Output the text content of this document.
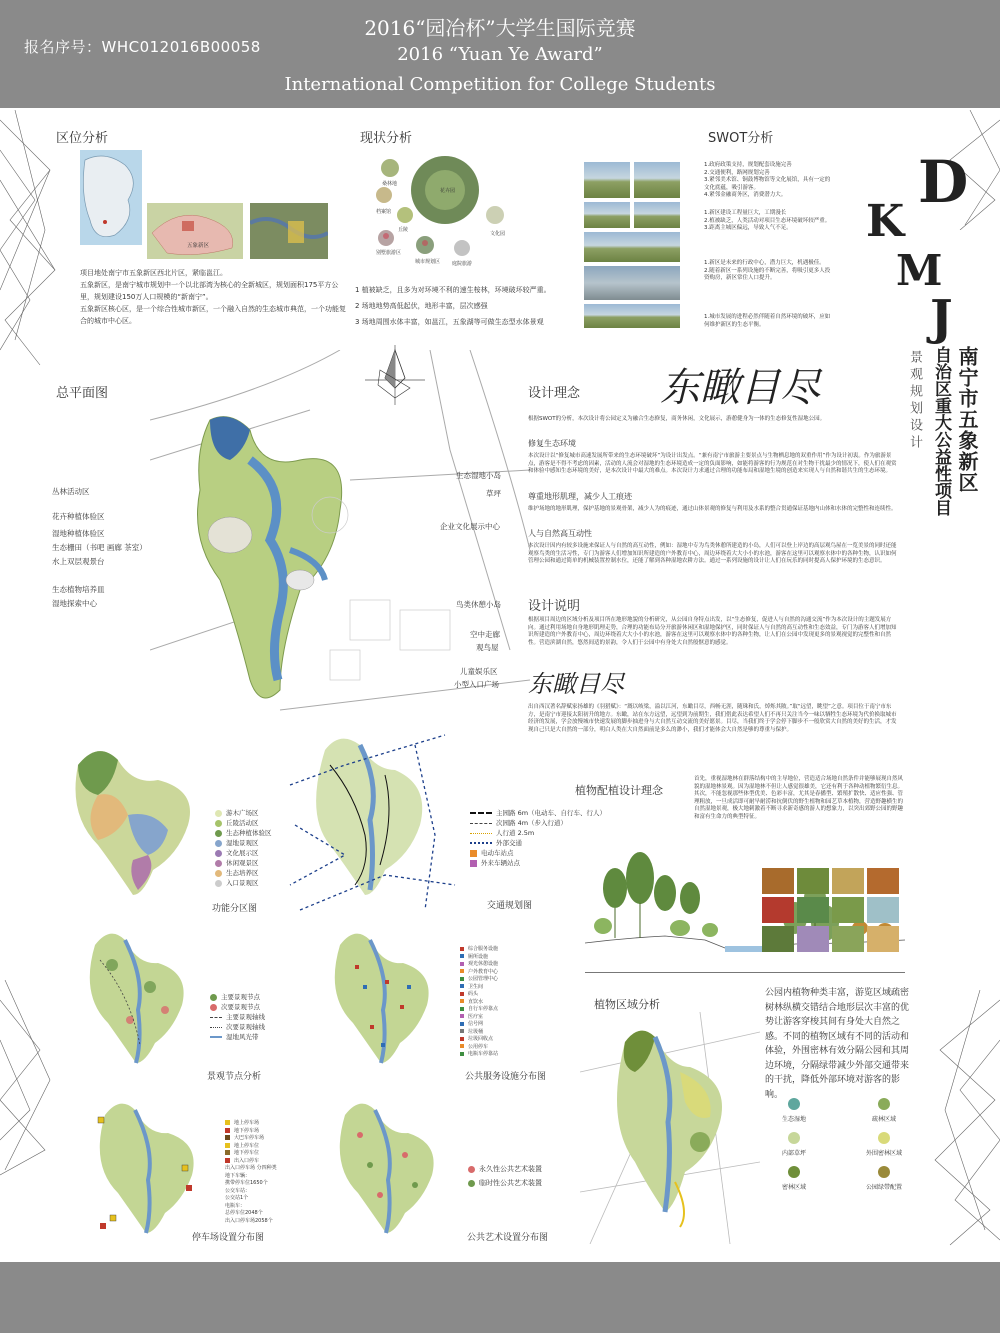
报名序号：WHC012016B00058
2016“园冶杯”大学生国际竞赛
2016 “Yuan Ye Award”
International Competition for College Students
区位分析
五象新区
项目地处南宁市五象新区西北片区，紧临邕江。
五象新区，是南宁城市规划中一个以北部湾为核心的全新城区，规划面积175平方公里，规划建设150万人口规模的“新南宁”。
五象新区核心区，是一个综合性城市新区，一个融入自然的生态城市典范，一个功能复合的城市中心区。
现状分析
桑林地
档案馆
丘陵
花卉园
文化园
别墅旅游区
城市规划区 庭院旅游
1 植被缺乏，且多为对环境不利的速生桉林，环境破坏较严重。
2 场地地势高低起伏，地形丰富，层次感强
3 场地周围水体丰富，如邕江，五象湖等可做生态型水体景观
SWOT分析
1.政府政策支持，规划配套设施完善
2.交通便利，路网规划完善
3.紧邻美术馆、铜鼓博物馆等文化展馆，具有一定的文化底蕴，吸引游客。
4.紧邻金融商务区，消费潜力大。
1.新区建设工程量巨大，工期漫长
2.植被缺乏，人类活动对项目生态环境破坏较严重。
3.距离主城区偏远，导致人气不足。
1.新区是未来的行政中心，潜力巨大，机遇极佳。
2.随着新区一系列设施的不断完善，将吸引更多人投资购房，新区常住人口提升。
1.城市发展的进程必然伴随着自然环境的破坏，应如何维护新区的生态平衡。
D
K
M
J
南宁市五象新区
自治区重大公益性项目
景观规划设计
总平面图
丛林活动区
花卉种植体验区
湿地种植体验区
生态栅田（书吧 画廊 茶室）
水上双层观景台
生态植物培养皿
湿地探索中心
生态湿地小岛
草坪
企业文化展示中心
鸟类休憩小岛
空中走廊
观鸟屋
儿童娱乐区
小型入口广场
设计理念 东瞰目尽
根据SWOT的分析，本次设计将公园定义为融合生态修复，商务休闲，文化展示，游憩健身为一体的生态修复性湿地公园。
修复生态环境
本次设计以“修复城市高速发展所带来的生态环境破坏”为设计出发点。“兼有南宁市旅游主要景点与生物栖息地的双重作用”作为设计初衷。作为旅游景点，游客是不得不考虑的因素，活动的人流会对湿地的生态环境造成一定的负面影响，如能将游客的行为规范在对生物干扰最少的情况下，使人们在观赏和体验中感知生态环境的美好，是本次设计中最大的难点。本次设计力求通过合理的功能布局和湿地生境的创造来实现人与自然和谐共生的生态环境。
尊重地形肌理，减少人工痕迹
维护场地的地形肌理，保护基地的景观骨架，减少人为的痕迹，通过山体景观的修复与利用及水系的整合贯通保证基地内山体和水体的完整性和连续性。
人与自然高互动性
本次设计因内有较多设施来保证人与自然的高互动性，例如：湿地中专为鸟类休憩所建造的小岛，人们可以登上岸边的高层观鸟屋在一览美景的同时还能观察鸟类的生活习性，专门为游客人们增加知识所建造的户外教育中心，周边环绕着大大小小的水池，游客在这里可以观察水体中的各种生物，认识如何管理公园和通过简单的机械装置控制水位，还能了解到各种湿地农耕方法。通过一系列设施的设计让人们在玩乐的同时提高人保护环境的生态意识。
设计说明
根据项目周边的区域分析及项目所在地形地貌的分析研究，从公园自身特点出发，以“生态修复，促进人与自然的沟通交流”作为本次设计的主题发展方向。通过利用场地自身地形肌理走势，合理的功能布局分开旅游休闲区和湿地保护区，同时保证人与自然的高互动性和生态效益，专门为游客人们增加知识所建造的户外教育中心，周边环绕着大大小小的水池，游客在这里可以观察水体中的各种生物，让人们在公园中发现更多的景观视觉的完整性和自然性。营造滨湖自然，悠然间适的景韵，令人们于公园中有身处大自然般惬意的感觉。
东瞰目尽
出自西汉著名辞赋家扬雄的《羽猎赋》：“溉以岐梁，溢以江河，东瞰目尽，西畅无涯，随珠和氏，焯烁其陂。”取“远望，眺望”之意。项目位于南宁市东方，是南宁市迎接太阳初升的地方。东瞰，站在东方远望，远望到为前期生，我们借此表达希望人们不再只关注当今一味以牺牲生态环境为代价换取城市经济的发展，学会放慢城市快速发展的脚步抽进身与大自然互动交流的美好愿景。目尽，当我们终于学会停下脚步不一般欣赏大自然的美好的生活，才发现自己只是大自然的一部分，明白人类在大自然面前是多么的渺小，我们才能体会大自然是够的尊重与保护。
游木广场区
丘陵活动区
生态种植体验区
湿地景观区
文化展示区
休闲观景区
生态培养区
入口景观区
功能分区图
主园路 6m（电动车、自行车、行人）
次园路 4m（步入行道）
人行道 2.5m
外部交通
电动车站点
外来车辆站点
交通规划图
主要景观节点
次要景观节点
主要景观轴线
次要景观轴线
湿地风光带
景观节点分析
综合服务设施
厕所设施
观光休憩设施
户外教育中心
公园管理中心
卫生间
码头
直饮水
自行车停靠点
医疗室
信号网
垃圾桶
垃圾回收点
公用停车
电瓶车停靠站
公共服务设施分布图
地上停车场
地下停车场
大巴车停车场
地上停车位
地下停车位
出入口停车
出入口停车场 分四种类
地下车辆：
携带停车位1650个
公交车站：
公交站1个
电瓶车：
总停车位2048个
出入口停车场2058个
停车场设置分布图
永久性公共艺术装置
临时性公共艺术装置
公共艺术设置分布图
植物配植设计理念
首先，重视湿地林在群落结构中的主导地位，营造适合场地自然条件并能够展现自然风貌的湿地林景观。因为湿地林不但让人感觉很雄美，它还有利于各种动植物繁衍生息。其次，不能忽视那些体型优美、色彩丰富，尤其是春播型、繁殖扩散快、适应性强、管理粗放，一旦成活即可耐旱耐涝和抗倒伏的野生植物和园艺草本植物，营造野趣横生的自然湿地景观，极大地刺激着不断寻求新奇感的游人的想象力，以突出郊野公园的野趣和富有生命力的典型特征。
植物区域分析
公园内植物种类丰富，游览区域疏密树林纵横交错结合地形层次丰富的优势让游客穿梭其间有身处大自然之感。不同的植物区域有不同的活动和体验，外围密林有效分隔公园和其周边环境，分隔绿带减少外部交通带来的干扰，降低外部环境对游客的影响。
生态湿地	疏林区域
内部草坪	外围密林区域
密林区域	公园绿带配置
